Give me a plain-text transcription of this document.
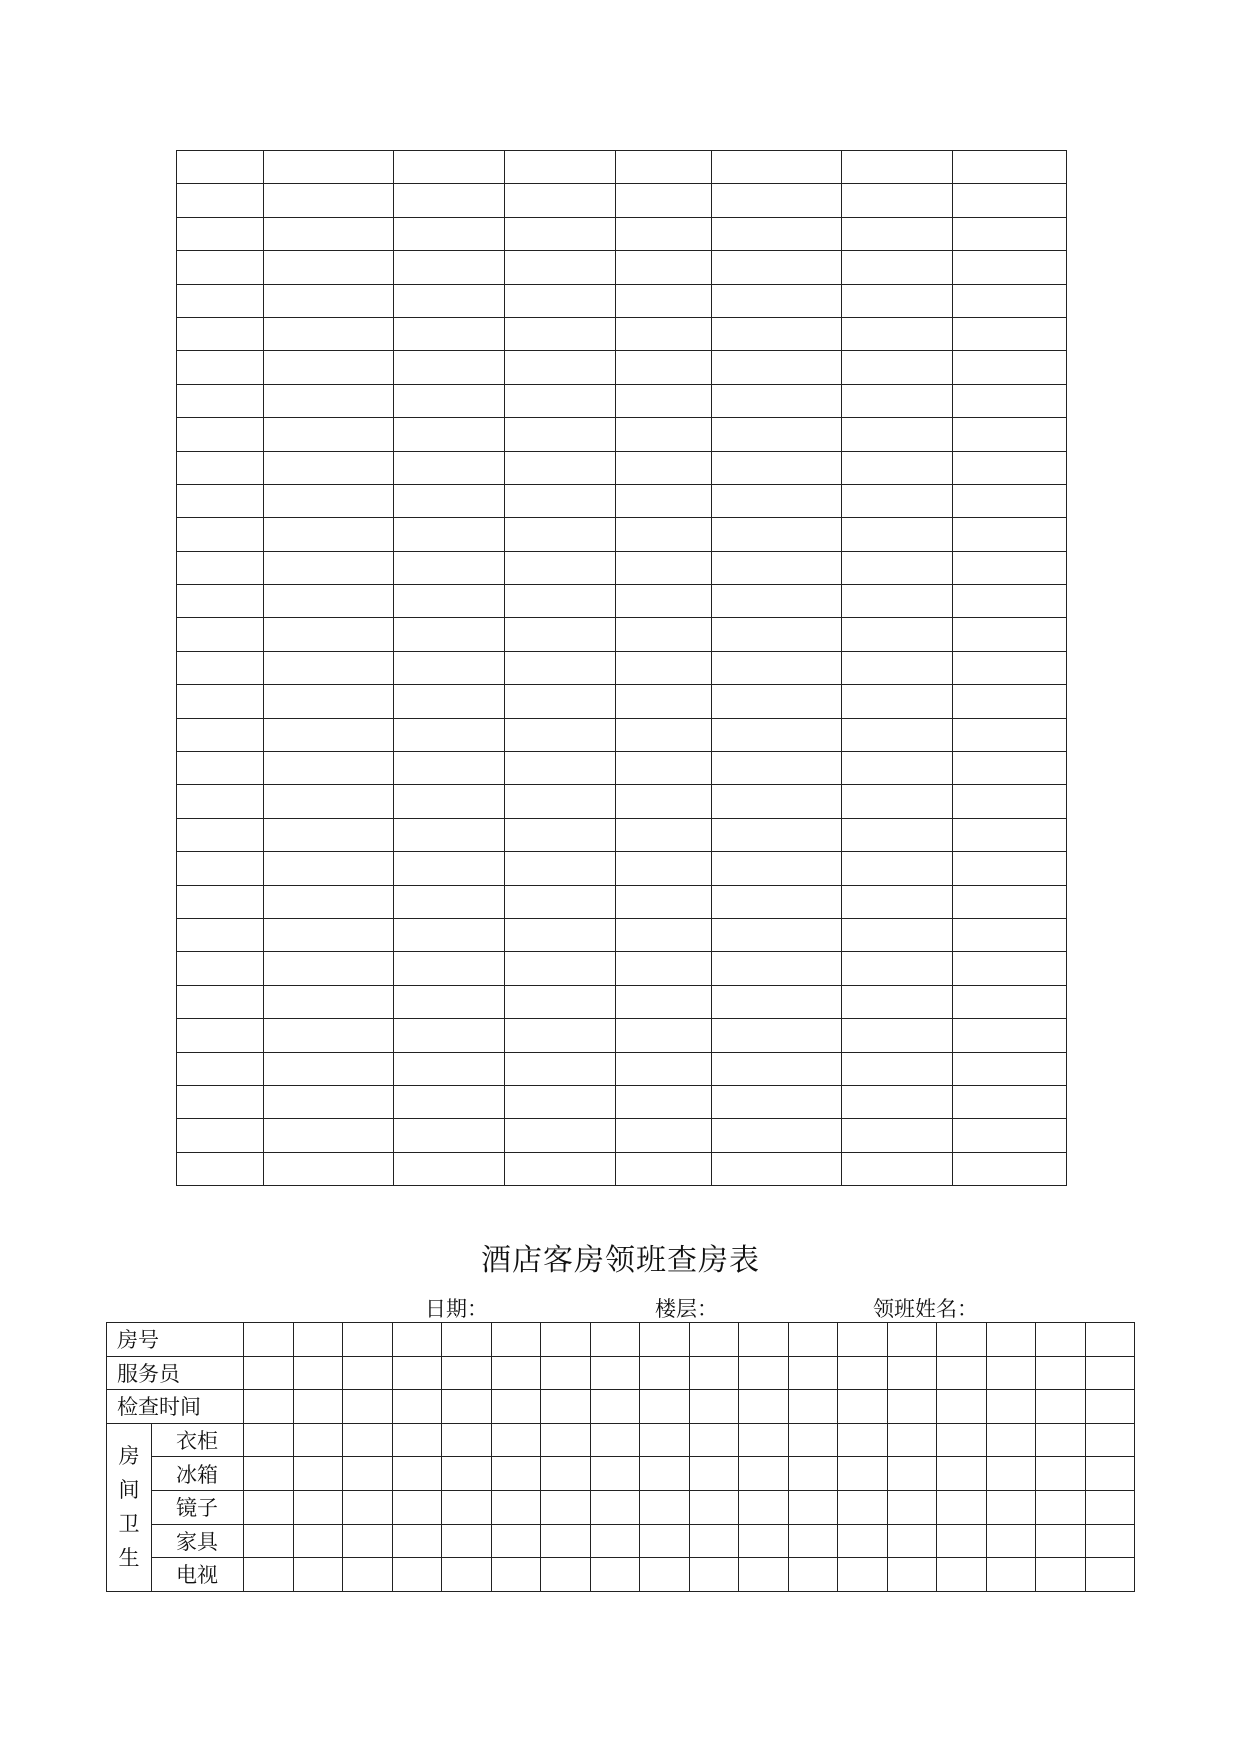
酒店客房领班查房表
日期：	楼层：	领班姓名：
房号																			
服务员																			
检查时间																			

房
间
卫
生	衣柜																		
	冰箱																		
	镜子																		
	家具																		
	电视																		
